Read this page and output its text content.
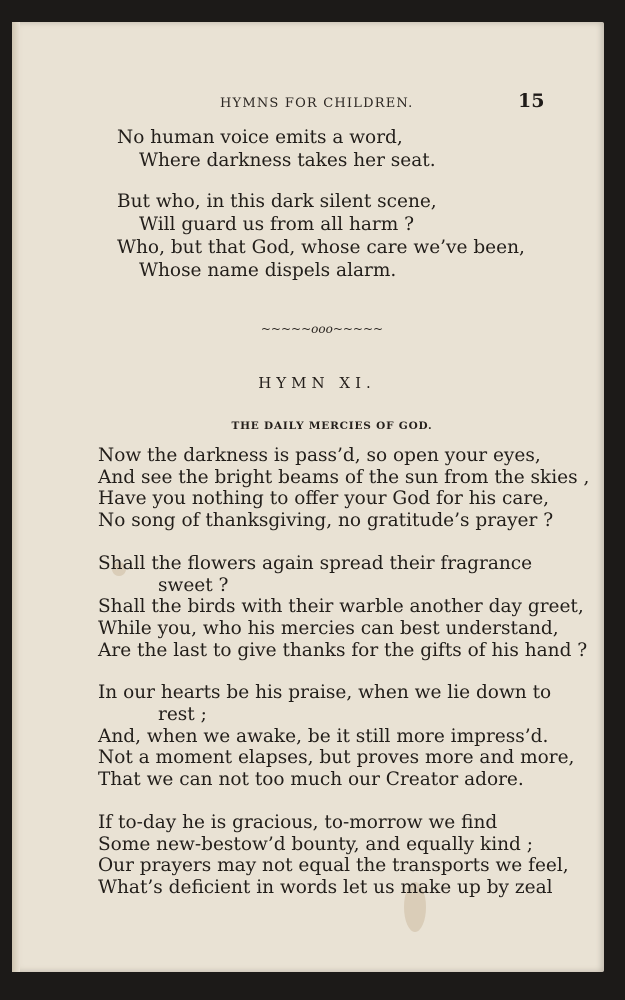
HYMNS FOR CHILDREN.	15
No human voice emits a word,
Where darkness takes her seat.
But who, in this dark silent scene,
Will guard us from all harm ?
Who, but that God, whose care we’ve been,
Whose name dispels alarm.
~~~~~ooo~~~~~
HYMN XI.
THE DAILY MERCIES OF GOD.
Now the darkness is pass’d, so open your eyes,
And see the bright beams of the sun from the skies ,
Have you nothing to offer your God for his care,
No song of thanksgiving, no gratitude’s prayer ?
Shall the flowers again spread their fragrance
sweet ?
Shall the birds with their warble another day greet,
While you, who his mercies can best understand,
Are the last to give thanks for the gifts of his hand ?
In our hearts be his praise, when we lie down to
rest ;
And, when we awake, be it still more impress’d.
Not a moment elapses, but proves more and more,
That we can not too much our Creator adore.
If to-day he is gracious, to-morrow we find
Some new-bestow’d bounty, and equally kind ;
Our prayers may not equal the transports we feel,
What’s deficient in words let us make up by zeal
